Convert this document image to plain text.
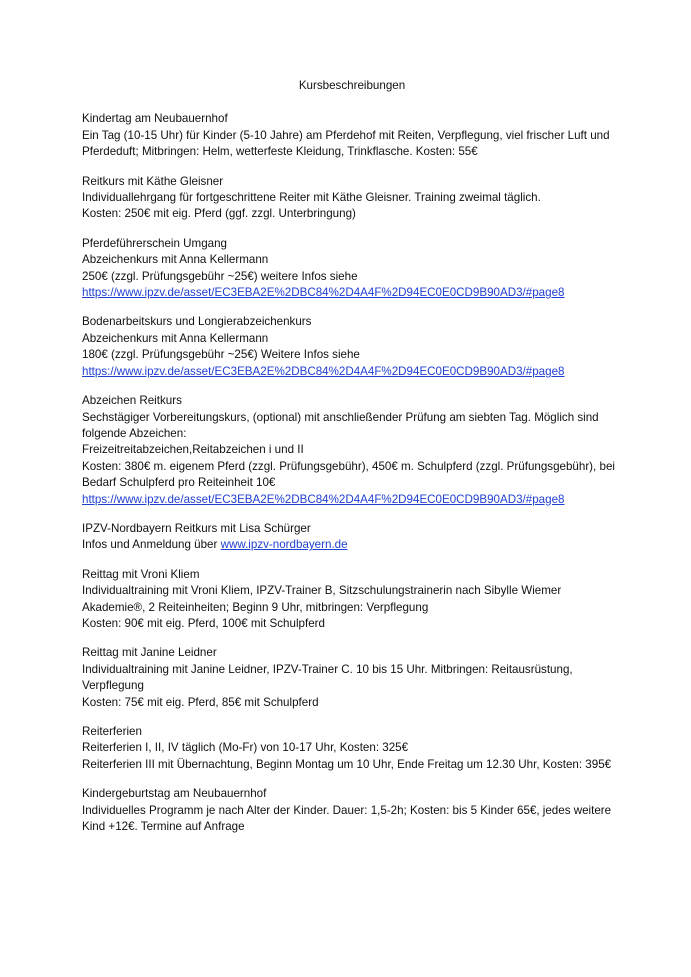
Kursbeschreibungen
Kindertag am Neubauernhof
Ein Tag (10-15 Uhr) für Kinder (5-10 Jahre) am Pferdehof mit Reiten, Verpflegung, viel frischer Luft und
Pferdeduft; Mitbringen: Helm, wetterfeste Kleidung, Trinkflasche. Kosten: 55€
Reitkurs mit Käthe Gleisner
Individuallehrgang für fortgeschrittene Reiter mit Käthe Gleisner. Training zweimal täglich.
Kosten: 250€ mit eig. Pferd (ggf. zzgl. Unterbringung)
Pferdeführerschein Umgang
Abzeichenkurs mit Anna Kellermann
250€ (zzgl. Prüfungsgebühr ~25€) weitere Infos siehe
https://www.ipzv.de/asset/EC3EBA2E%2DBC84%2D4A4F%2D94EC0E0CD9B90AD3/#page8
Bodenarbeitskurs und Longierabzeichenkurs
Abzeichenkurs mit Anna Kellermann
180€ (zzgl. Prüfungsgebühr ~25€) Weitere Infos siehe
https://www.ipzv.de/asset/EC3EBA2E%2DBC84%2D4A4F%2D94EC0E0CD9B90AD3/#page8
Abzeichen Reitkurs
Sechstägiger Vorbereitungskurs, (optional) mit anschließender Prüfung am siebten Tag. Möglich sind
folgende Abzeichen:
Freizeitreitabzeichen,Reitabzeichen i und II
Kosten: 380€ m. eigenem Pferd (zzgl. Prüfungsgebühr), 450€ m. Schulpferd (zzgl. Prüfungsgebühr), bei
Bedarf Schulpferd pro Reiteinheit 10€
https://www.ipzv.de/asset/EC3EBA2E%2DBC84%2D4A4F%2D94EC0E0CD9B90AD3/#page8
IPZV-Nordbayern Reitkurs mit Lisa Schürger
Infos und Anmeldung über www.ipzv-nordbayern.de
Reittag mit Vroni Kliem
Individualtraining mit Vroni Kliem, IPZV-Trainer B, Sitzschulungstrainerin nach Sibylle Wiemer
Akademie®, 2 Reiteinheiten; Beginn 9 Uhr, mitbringen: Verpflegung
Kosten: 90€ mit eig. Pferd, 100€ mit Schulpferd
Reittag mit Janine Leidner
Individualtraining mit Janine Leidner, IPZV-Trainer C. 10 bis 15 Uhr. Mitbringen: Reitausrüstung,
Verpflegung
Kosten: 75€ mit eig. Pferd, 85€ mit Schulpferd
Reiterferien
Reiterferien I, II, IV täglich (Mo-Fr) von 10-17 Uhr, Kosten: 325€
Reiterferien III mit Übernachtung, Beginn Montag um 10 Uhr, Ende Freitag um 12.30 Uhr, Kosten: 395€
Kindergeburtstag am Neubauernhof
Individuelles Programm je nach Alter der Kinder. Dauer: 1,5-2h; Kosten: bis 5 Kinder 65€, jedes weitere
Kind +12€. Termine auf Anfrage
